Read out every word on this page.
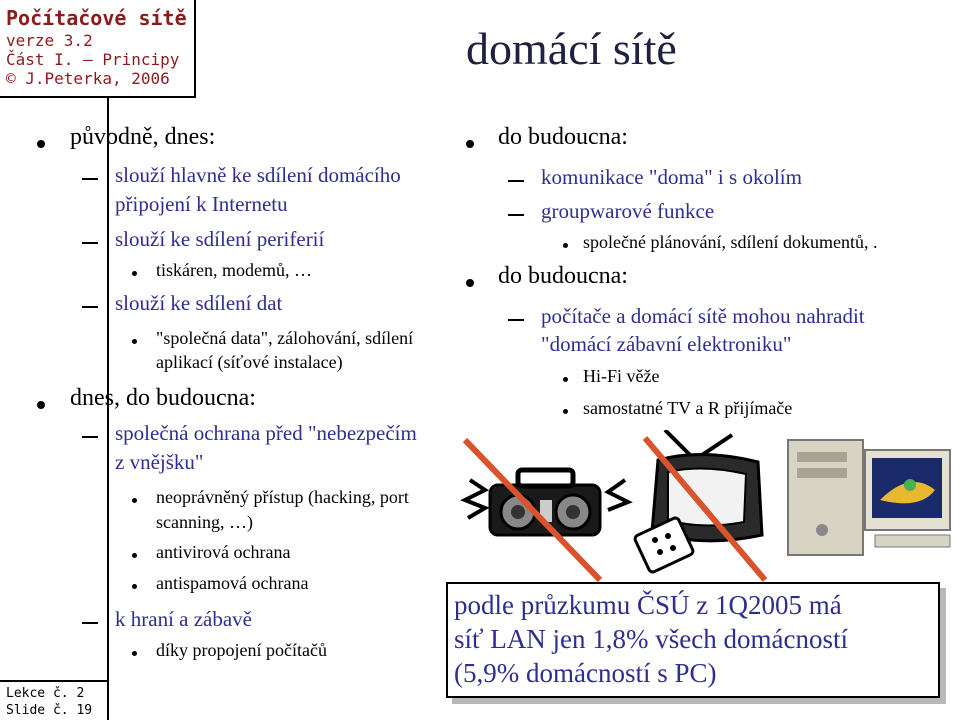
Počítačové sítě
verze 3.2
Část I. – Principy
© J.Peterka, 2006
domácí sítě
původně, dnes:
slouží hlavně ke sdílení domácího
připojení k Internetu
slouží ke sdílení periferií
tiskáren, modemů, …
slouží ke sdílení dat
"společná data", zálohování, sdílení
aplikací (síťové instalace)
dnes, do budoucna:
společná ochrana před "nebezpečím
z vnějšku"
neoprávněný přístup (hacking, port
scanning, …)
antivirová ochrana
antispamová ochrana
k hraní a zábavě
díky propojení počítačů
do budoucna:
komunikace "doma" i s okolím
groupwarové funkce
společné plánování, sdílení dokumentů, .
do budoucna:
počítače a domácí sítě mohou nahradit
"domácí zábavní elektroniku"
Hi-Fi věže
samostatné TV a R přijímače
podle průzkumu ČSÚ z 1Q2005 má
síť LAN jen 1,8% všech domácností
(5,9% domácností s PC)
Lekce č. 2
Slide č. 19
